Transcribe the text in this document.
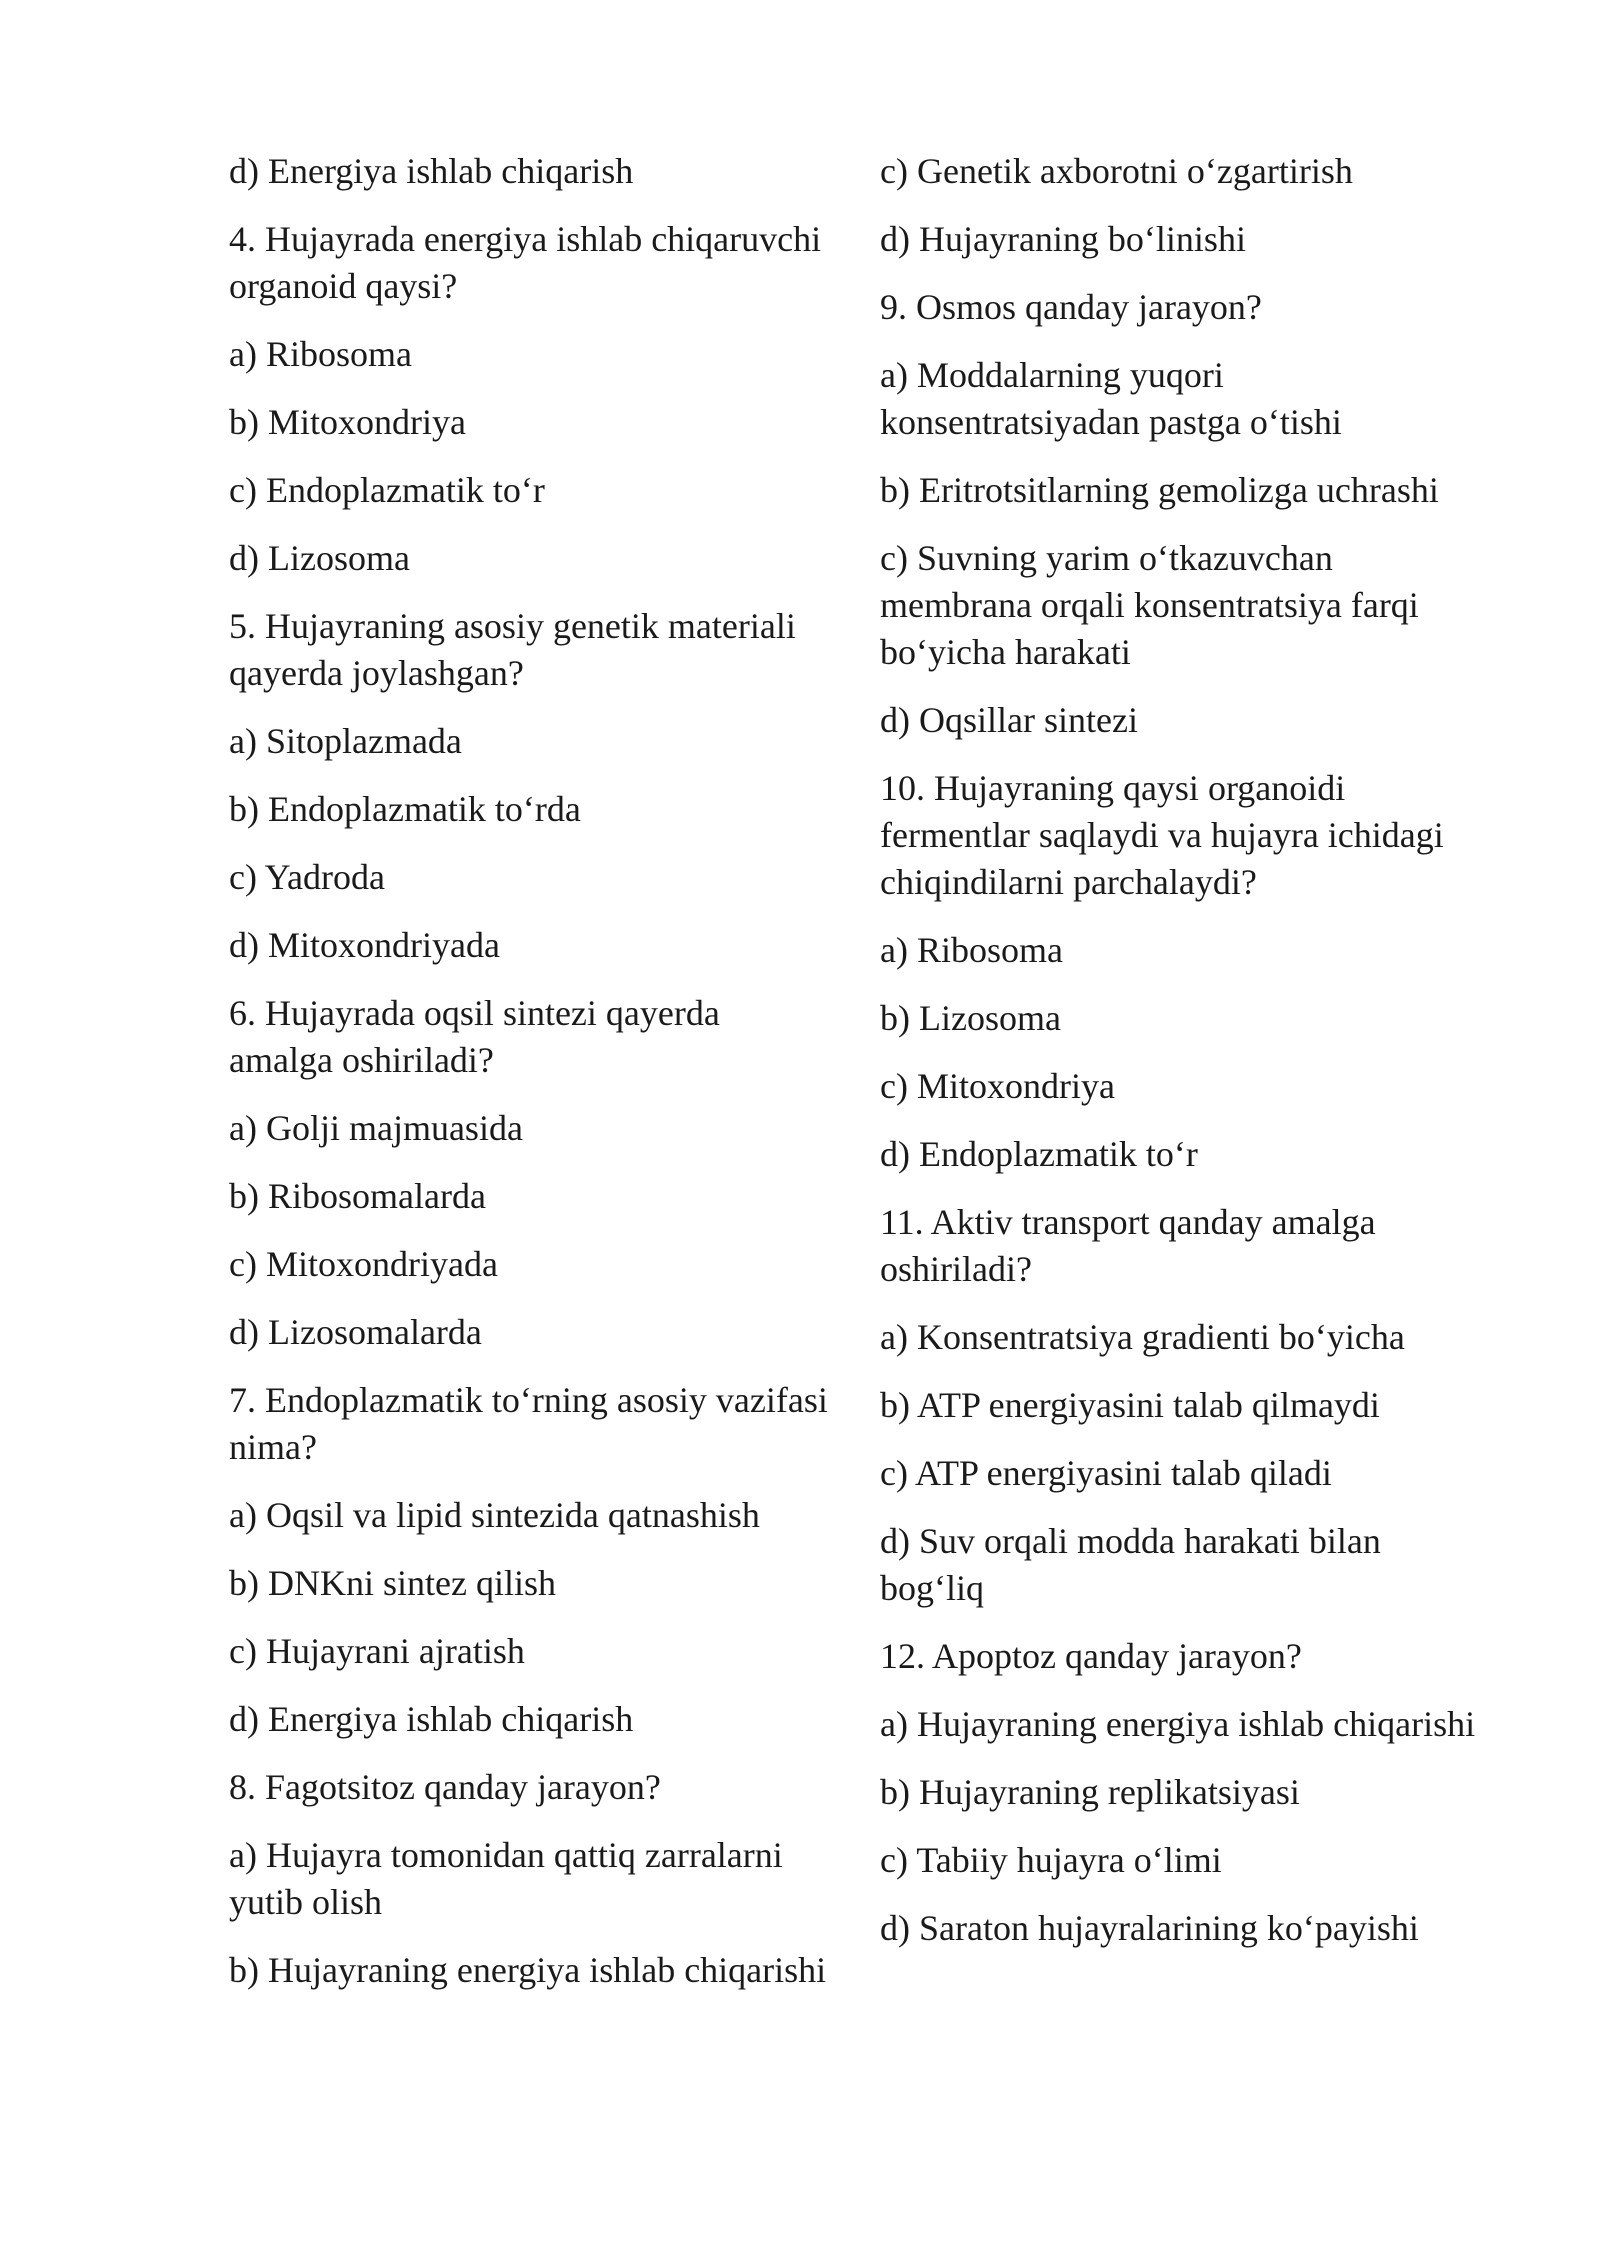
d) Energiya ishlab chiqarish

4. Hujayrada energiya ishlab chiqaruvchi organoid qaysi?

a) Ribosoma

b) Mitoxondriya

c) Endoplazmatik to‘r

d) Lizosoma

5. Hujayraning asosiy genetik materiali qayerda joylashgan?

a) Sitoplazmada

b) Endoplazmatik to‘rda

c) Yadroda

d) Mitoxondriyada

6. Hujayrada oqsil sintezi qayerda amalga oshiriladi?

a) Golji majmuasida

b) Ribosomalarda

c) Mitoxondriyada

d) Lizosomalarda

7. Endoplazmatik to‘rning asosiy vazifasi nima?

a) Oqsil va lipid sintezida qatnashish

b) DNKni sintez qilish

c) Hujayrani ajratish

d) Energiya ishlab chiqarish

8. Fagotsitoz qanday jarayon?

a) Hujayra tomonidan qattiq zarralarni yutib olish

b) Hujayraning energiya ishlab chiqarishi

c) Genetik axborotni o‘zgartirish

d) Hujayraning bo‘linishi

9. Osmos qanday jarayon?

a) Moddalarning yuqori konsentratsiyadan pastga o‘tishi

b) Eritrotsitlarning gemolizga uchrashi

c) Suvning yarim o‘tkazuvchan membrana orqali konsentratsiya farqi bo‘yicha harakati

d) Oqsillar sintezi

10. Hujayraning qaysi organoidi fermentlar saqlaydi va hujayra ichidagi chiqindilarni parchalaydi?

a) Ribosoma

b) Lizosoma

c) Mitoxondriya

d) Endoplazmatik to‘r

11. Aktiv transport qanday amalga oshiriladi?

a) Konsentratsiya gradienti bo‘yicha

b) ATP energiyasini talab qilmaydi

c) ATP energiyasini talab qiladi

d) Suv orqali modda harakati bilan bog‘liq

12. Apoptoz qanday jarayon?

a) Hujayraning energiya ishlab chiqarishi

b) Hujayraning replikatsiyasi

c) Tabiiy hujayra o‘limi

d) Saraton hujayralarining ko‘payishi
